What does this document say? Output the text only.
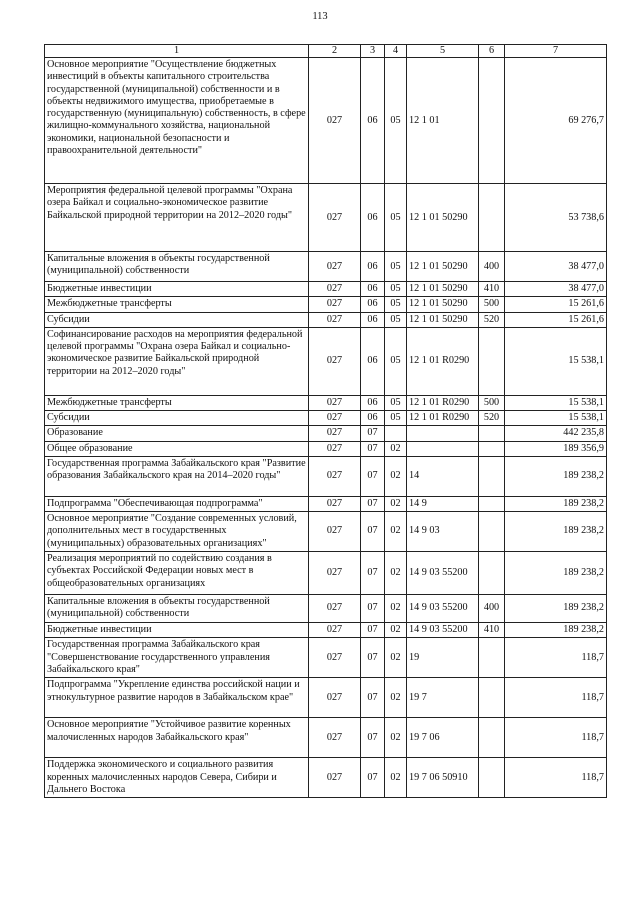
113
1	2	3	4	5	6	7
Основное мероприятие "Осуществление бюджетных инвестиций в объекты капитального строительства государственной (муниципальной) собственности и в объекты недвижимого имущества, приобретаемые в государственную (муниципальную) собственность, в сфере жилищно-коммунального хозяйства, национальной экономики, национальной безопасности и правоохранительной деятельности"	027	06	05	12 1 01		69 276,7
Мероприятия федеральной целевой программы "Охрана озера Байкал и социально-экономическое развитие Байкальской природной территории на 2012–2020 годы"	027	06	05	12 1 01 50290		53 738,6
Капитальные вложения в объекты государственной (муниципальной) собственности	027	06	05	12 1 01 50290	400	38 477,0
Бюджетные инвестиции	027	06	05	12 1 01 50290	410	38 477,0
Межбюджетные трансферты	027	06	05	12 1 01 50290	500	15 261,6
Субсидии	027	06	05	12 1 01 50290	520	15 261,6
Софинансирование расходов на мероприятия федеральной целевой программы "Охрана озера Байкал и социально-экономическое развитие Байкальской природной территории на 2012–2020 годы"	027	06	05	12 1 01 R0290		15 538,1
Межбюджетные трансферты	027	06	05	12 1 01 R0290	500	15 538,1
Субсидии	027	06	05	12 1 01 R0290	520	15 538,1
Образование	027	07				442 235,8
Общее образование	027	07	02			189 356,9
Государственная программа Забайкальского края "Развитие образования Забайкальского края на 2014–2020 годы"	027	07	02	14		189 238,2
Подпрограмма "Обеспечивающая подпрограмма"	027	07	02	14 9		189 238,2
Основное мероприятие "Создание современных условий, дополнительных мест в государственных (муниципальных) образовательных организациях"	027	07	02	14 9 03		189 238,2
Реализация мероприятий по содействию создания в субъектах Российской Федерации новых мест в общеобразовательных организациях	027	07	02	14 9 03 55200		189 238,2
Капитальные вложения в объекты государственной (муниципальной) собственности	027	07	02	14 9 03 55200	400	189 238,2
Бюджетные инвестиции	027	07	02	14 9 03 55200	410	189 238,2
Государственная программа Забайкальского края "Совершенствование государственного управления Забайкальского края"	027	07	02	19		118,7
Подпрограмма "Укрепление единства российской нации и этнокультурное развитие народов в Забайкальском крае"	027	07	02	19 7		118,7
Основное мероприятие "Устойчивое развитие коренных малочисленных народов Забайкальского края"	027	07	02	19 7 06		118,7
Поддержка экономического и социального развития коренных малочисленных народов Севера, Сибири и Дальнего Востока	027	07	02	19 7 06 50910		118,7
